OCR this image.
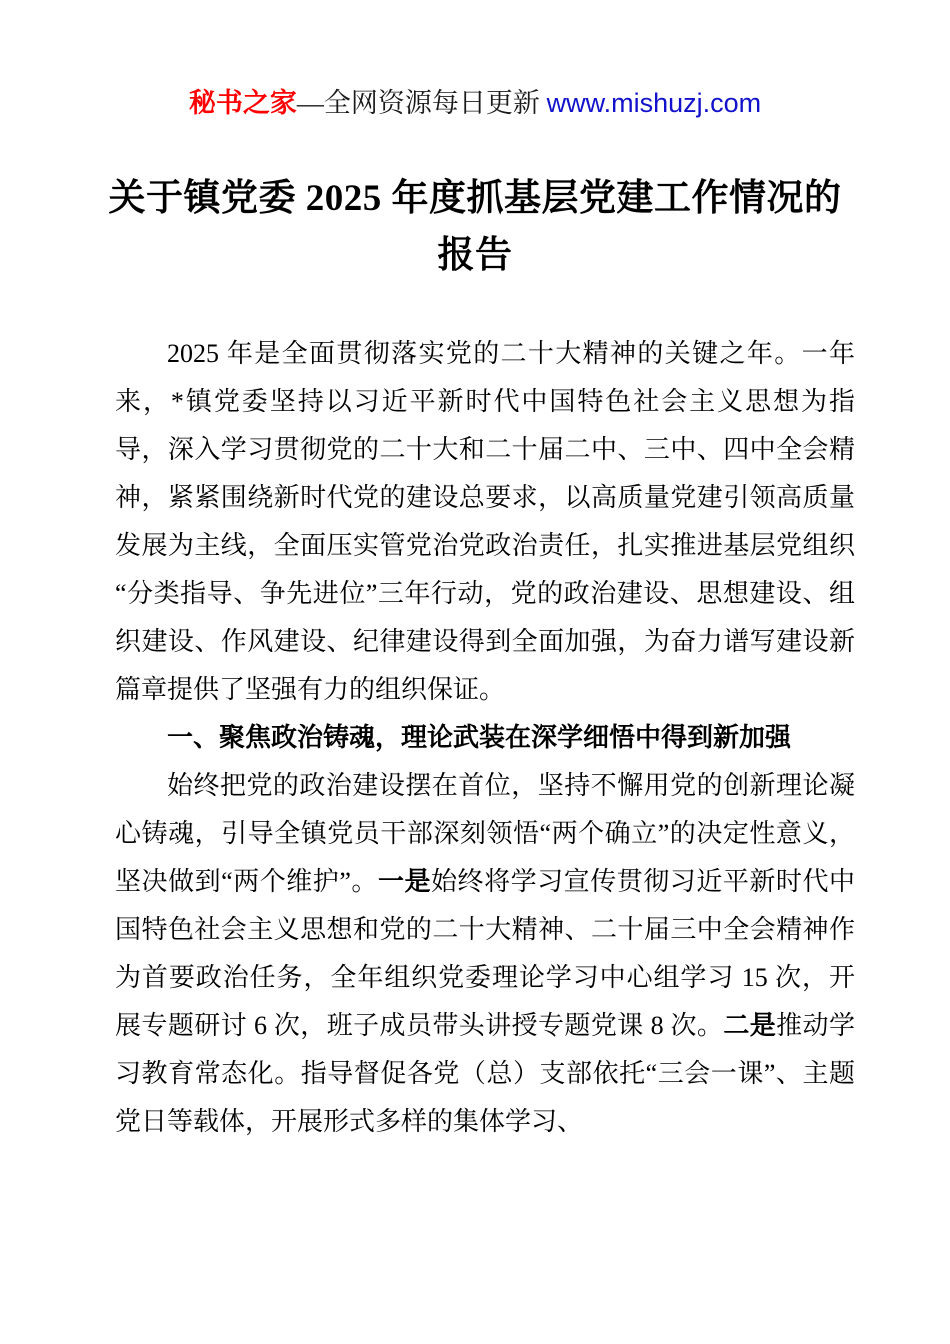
秘书之家—全网资源每日更新 www.mishuzj.com
关于镇党委 2025 年度抓基层党建工作情况的报告

2025 年是全面贯彻落实党的二十大精神的关键之年。一年来，*镇党委坚持以习近平新时代中国特色社会主义思想为指导，深入学习贯彻党的二十大和二十届二中、三中、四中全会精神，紧紧围绕新时代党的建设总要求，以高质量党建引领高质量发展为主线，全面压实管党治党政治责任，扎实推进基层党组织“分类指导、争先进位”三年行动，党的政治建设、思想建设、组织建设、作风建设、纪律建设得到全面加强，为奋力谱写建设新篇章提供了坚强有力的组织保证。

一、聚焦政治铸魂，理论武装在深学细悟中得到新加强

始终把党的政治建设摆在首位，坚持不懈用党的创新理论凝心铸魂，引导全镇党员干部深刻领悟“两个确立”的决定性意义，坚决做到“两个维护”。一是始终将学习宣传贯彻习近平新时代中国特色社会主义思想和党的二十大精神、二十届三中全会精神作为首要政治任务，全年组织党委理论学习中心组学习 15 次，开展专题研讨 6 次，班子成员带头讲授专题党课 8 次。二是推动学习教育常态化。指导督促各党（总）支部依托“三会一课”、主题党日等载体，开展形式多样的集体学习、
